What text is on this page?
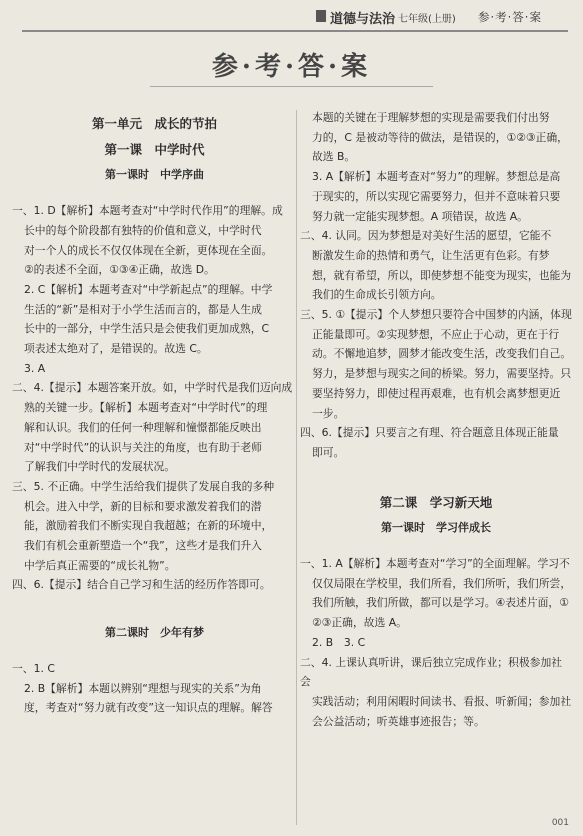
道德与法治 七年级(上册) 参·考·答·案
参·考·答·案
第一单元　成长的节拍
第一课　中学时代
第一课时　中学序曲

一、1. D【解析】本题考查对“中学时代作用”的理解。成

长中的每个阶段都有独特的价值和意义，中学时代

对一个人的成长不仅仅体现在全新，更体现在全面。

②的表述不全面，①③④正确，故选 D。

2. C【解析】本题考查对“中学新起点”的理解。中学

生活的“新”是相对于小学生活而言的，都是人生成

长中的一部分，中学生活只是会使我们更加成熟，C

项表述太绝对了，是错误的。故选 C。

3. A

二、4.【提示】本题答案开放。如，中学时代是我们迈向成

熟的关键一步。【解析】本题考查对“中学时代”的理

解和认识。我们的任何一种理解和憧憬都能反映出

对“中学时代”的认识与关注的角度，也有助于老师

了解我们中学时代的发展状况。

三、5. 不正确。中学生活给我们提供了发展自我的多种

机会。进入中学，新的目标和要求激发着我们的潜

能，激励着我们不断实现自我超越；在新的环境中，

我们有机会重新塑造一个“我”，这些才是我们升入

中学后真正需要的“成长礼物”。

四、6.【提示】结合自己学习和生活的经历作答即可。

第二课时　少年有梦

一、1. C

2. B【解析】本题以辨别“理想与现实的关系”为角

度，考查对“努力就有改变”这一知识点的理解。解答

本题的关键在于理解梦想的实现是需要我们付出努

力的，C 是被动等待的做法，是错误的，①②③正确，

故选 B。

3. A【解析】本题考查对“努力”的理解。梦想总是高

于现实的，所以实现它需要努力，但并不意味着只要

努力就一定能实现梦想。A 项错误，故选 A。

二、4. 认同。因为梦想是对美好生活的愿望，它能不

断激发生命的热情和勇气，让生活更有色彩。有梦

想，就有希望，所以，即使梦想不能变为现实，也能为

我们的生命成长引领方向。

三、5. ①【提示】个人梦想只要符合中国梦的内涵，体现

正能量即可。②实现梦想，不应止于心动，更在于行

动。不懈地追梦，圆梦才能改变生活，改变我们自己。

努力，是梦想与现实之间的桥梁。努力，需要坚持。只

要坚持努力，即使过程再艰难，也有机会离梦想更近

一步。

四、6.【提示】只要言之有理、符合题意且体现正能量

即可。

第二课　学习新天地
第一课时　学习伴成长

一、1. A【解析】本题考查对“学习”的全面理解。学习不

仅仅局限在学校里，我们所看，我们所听，我们所尝，

我们所触，我们所做，都可以是学习。④表述片面，①

②③正确，故选 A。

2. B　3. C

二、4. 上课认真听讲，课后独立完成作业；积极参加社会

实践活动；利用闲暇时间读书、看报、听新闻；参加社

会公益活动；听英雄事迹报告；等。

001
